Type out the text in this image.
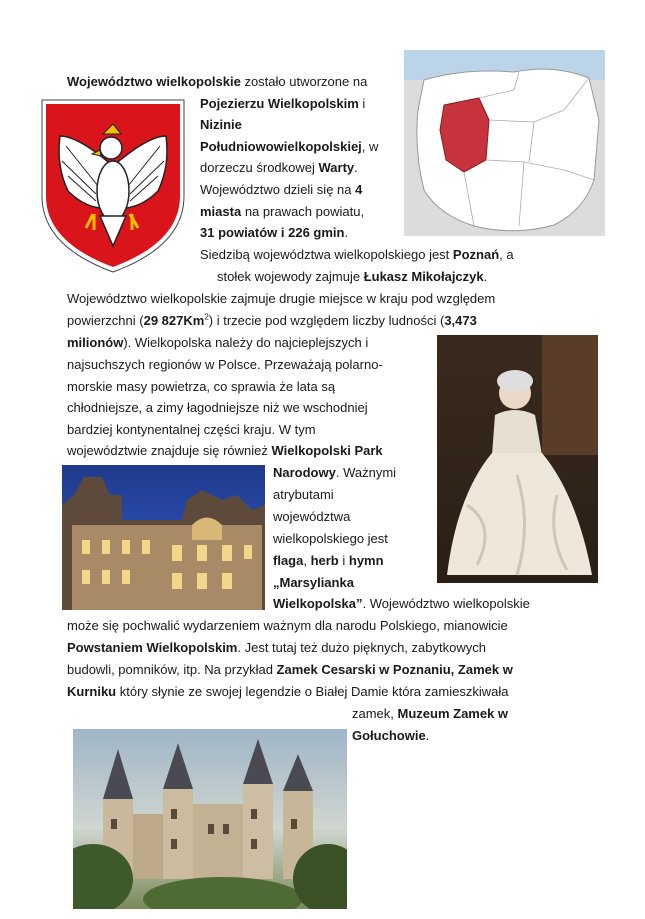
Województwo wielkopolskie zostało utworzone na
Pojezierzu Wielkopolskim i
Nizinie
Południowowielkopolskiej, w
dorzeczu środkowej Warty.
Województwo dzieli się na 4
miasta na prawach powiatu,
31 powiatów i 226 gmin.
Siedzibą województwa wielkopolskiego jest Poznań, a
stołek wojewody zajmuje Łukasz Mikołajczyk.
Województwo wielkopolskie zajmuje drugie miejsce w kraju pod względem
powierzchni (29 827Km$^2$) i trzecie pod względem liczby ludności (3,473
milionów). Wielkopolska należy do najcieplejszych i
najsuchszych regionów w Polsce. Przeważają polarno-
morskie masy powietrza, co sprawia że lata są
chłodniejsze, a zimy łagodniejsze niż we wschodniej
bardziej kontynentalnej części kraju. W tym
województwie znajduje się również Wielkopolski Park
Narodowy. Ważnymi
atrybutami
województwa
wielkopolskiego jest
flaga, herb i hymn
„Marsylianka
Wielkopolska”. Województwo wielkopolskie
może się pochwalić wydarzeniem ważnym dla narodu Polskiego, mianowicie
Powstaniem Wielkopolskim. Jest tutaj też dużo pięknych, zabytkowych
budowli, pomników, itp. Na przykład Zamek Cesarski w Poznaniu, Zamek w
Kurniku który słynie ze swojej legendzie o Białej Damie która zamieszkiwała
zamek, Muzeum Zamek w
Gołuchowie.
